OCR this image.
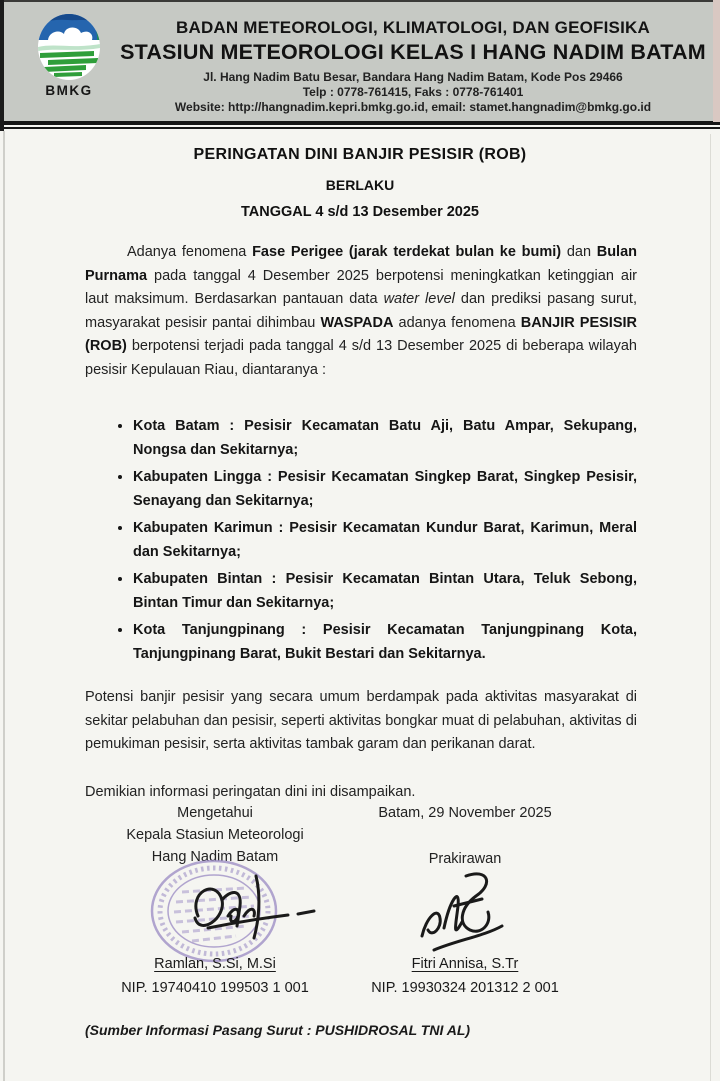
BMKG
BADAN METEOROLOGI, KLIMATOLOGI, DAN GEOFISIKA
STASIUN METEOROLOGI KELAS I HANG NADIM BATAM
Jl. Hang Nadim Batu Besar, Bandara Hang Nadim Batam, Kode Pos 29466
Telp : 0778-761415, Faks : 0778-761401
Website: http://hangnadim.kepri.bmkg.go.id, email: stamet.hangnadim@bmkg.go.id
PERINGATAN DINI BANJIR PESISIR (ROB)
BERLAKU
TANGGAL 4 s/d 13 Desember 2025

Adanya fenomena Fase Perigee (jarak terdekat bulan ke bumi) dan Bulan Purnama pada tanggal 4 Desember 2025 berpotensi meningkatkan ketinggian air laut maksimum. Berdasarkan pantauan data water level dan prediksi pasang surut, masyarakat pesisir pantai dihimbau WASPADA adanya fenomena BANJIR PESISIR (ROB) berpotensi terjadi pada tanggal 4 s/d 13 Desember 2025 di beberapa wilayah pesisir Kepulauan Riau, diantaranya :

• Kota Batam : Pesisir Kecamatan Batu Aji, Batu Ampar, Sekupang, Nongsa dan Sekitarnya;
• Kabupaten Lingga : Pesisir Kecamatan Singkep Barat, Singkep Pesisir, Senayang dan Sekitarnya;
• Kabupaten Karimun : Pesisir Kecamatan Kundur Barat, Karimun, Meral dan Sekitarnya;
• Kabupaten Bintan : Pesisir Kecamatan Bintan Utara, Teluk Sebong, Bintan Timur dan Sekitarnya;
• Kota Tanjungpinang : Pesisir Kecamatan Tanjungpinang Kota, Tanjungpinang Barat, Bukit Bestari dan Sekitarnya.

Potensi banjir pesisir yang secara umum berdampak pada aktivitas masyarakat di sekitar pelabuhan dan pesisir, seperti aktivitas bongkar muat di pelabuhan, aktivitas di pemukiman pesisir, serta aktivitas tambak garam dan perikanan darat.

Demikian informasi peringatan dini ini disampaikan.

Mengetahui
Kepala Stasiun Meteorologi
Hang Nadim Batam
Batam, 29 November 2025
Prakirawan
Ramlan, S.Si, M.Si
NIP. 19740410 199503 1 001
Fitri Annisa, S.Tr
NIP. 19930324 201312 2 001
(Sumber Informasi Pasang Surut : PUSHIDROSAL TNI AL)
